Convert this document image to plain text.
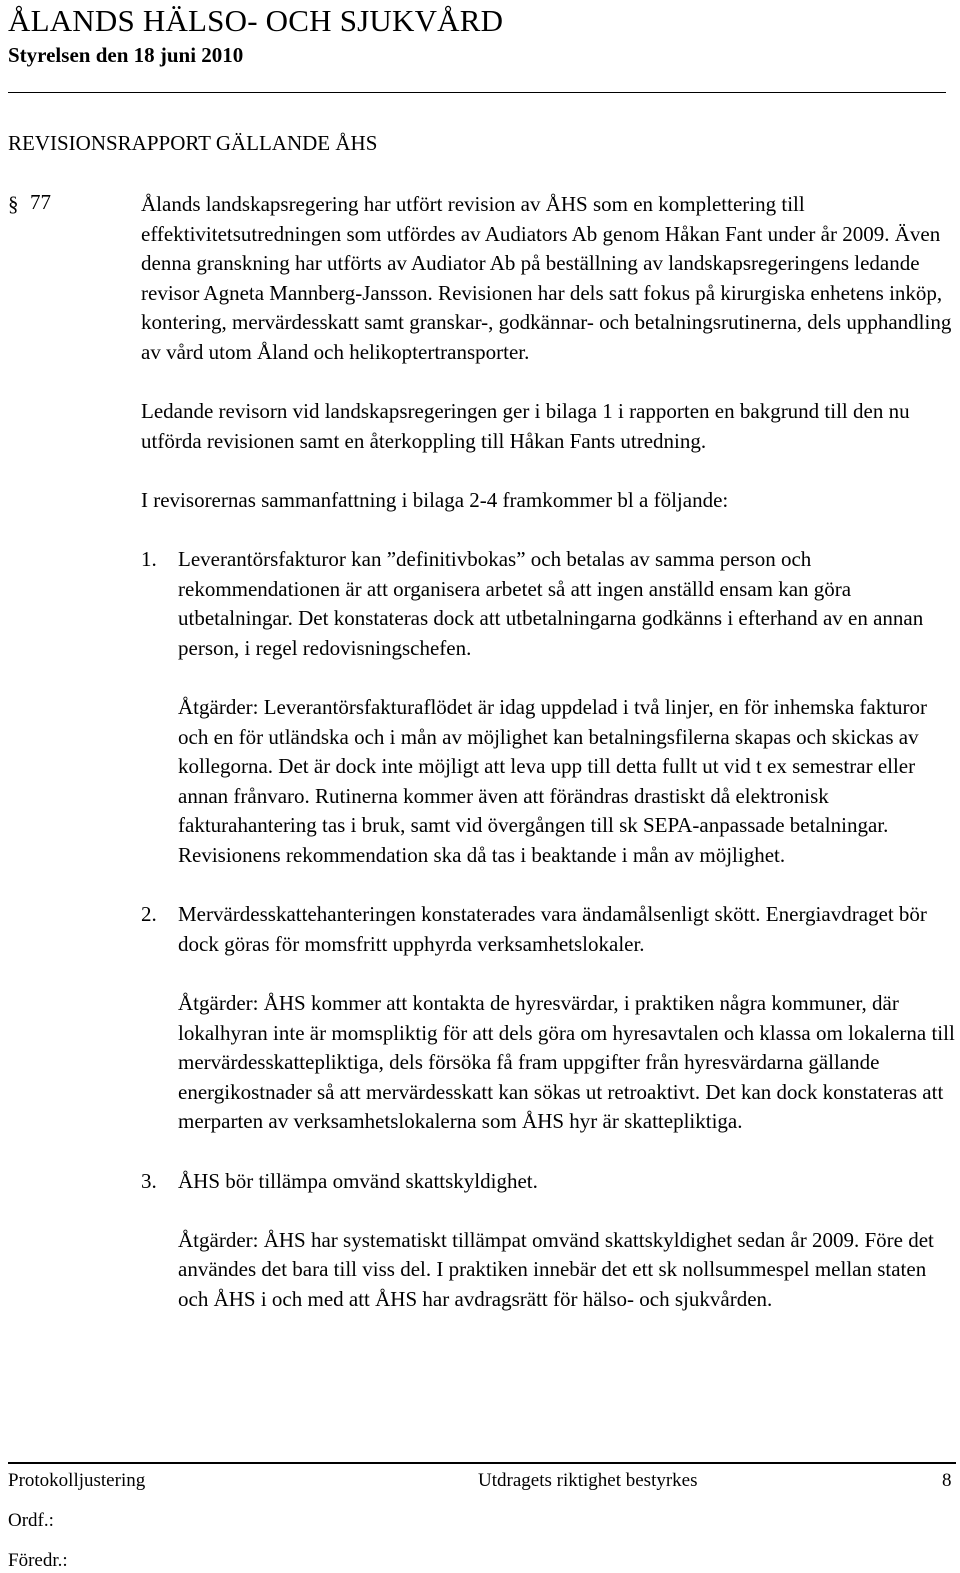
ÅLANDS HÄLSO- OCH SJUKVÅRD
Styrelsen den 18 juni 2010
REVISIONSRAPPORT GÄLLANDE ÅHS
§ 77	Ålands landskapsregering har utfört revision av ÅHS som en komplettering till effektivitetsutredningen som utfördes av Audiators Ab genom Håkan Fant under år 2009. Även denna granskning har utförts av Audiator Ab på beställning av landskapsregeringens ledande revisor Agneta Mannberg-Jansson. Revisionen har dels satt fokus på kirurgiska enhetens inköp, kontering, mervärdesskatt samt granskar-, godkännar- och betalningsrutinerna, dels upphandling av vård utom Åland och helikoptertransporter.

Ledande revisorn vid landskapsregeringen ger i bilaga 1 i rapporten en bakgrund till den nu utförda revisionen samt en återkoppling till Håkan Fants utredning.

I revisorernas sammanfattning i bilaga 2-4 framkommer bl a följande:

1.	Leverantörsfakturor kan ”definitivbokas” och betalas av samma person och rekommendationen är att organisera arbetet så att ingen anställd ensam kan göra utbetalningar. Det konstateras dock att utbetalningarna godkänns i efterhand av en annan person, i regel redovisningschefen.

Åtgärder: Leverantörsfakturaflödet är idag uppdelad i två linjer, en för inhemska fakturor och en för utländska och i mån av möjlighet kan betalningsfilerna skapas och skickas av kollegorna. Det är dock inte möjligt att leva upp till detta fullt ut vid t ex semestrar eller annan frånvaro. Rutinerna kommer även att förändras drastiskt då elektronisk fakturahantering tas i bruk, samt vid övergången till sk SEPA-anpassade betalningar. Revisionens rekommendation ska då tas i beaktande i mån av möjlighet.

2.	Mervärdesskattehanteringen konstaterades vara ändamålsenligt skött. Energiavdraget bör dock göras för momsfritt upphyrda verksamhetslokaler.

Åtgärder: ÅHS kommer att kontakta de hyresvärdar, i praktiken några kommuner, där lokalhyran inte är momspliktig för att dels göra om hyresavtalen och klassa om lokalerna till mervärdesskattepliktiga, dels försöka få fram uppgifter från hyresvärdarna gällande energikostnader så att mervärdesskatt kan sökas ut retroaktivt. Det kan dock konstateras att merparten av verksamhetslokalerna som ÅHS hyr är skattepliktiga.

3.	ÅHS bör tillämpa omvänd skattskyldighet.

Åtgärder: ÅHS har systematiskt tillämpat omvänd skattskyldighet sedan år 2009. Före det användes det bara till viss del. I praktiken innebär det ett sk nollsummespel mellan staten och ÅHS i och med att ÅHS har avdragsrätt för hälso- och sjukvården.

Protokolljustering	Utdragets riktighet bestyrkes	8
Ordf.:
Föredr.:
